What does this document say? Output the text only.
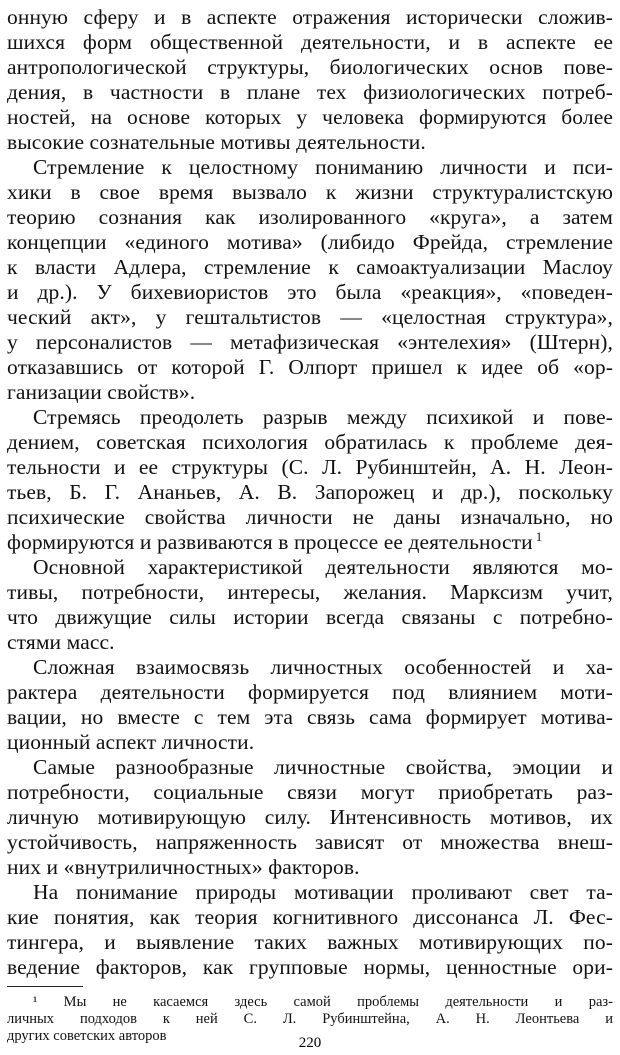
онную сферу и в аспекте отражения исторически сложив-
шихся форм общественной деятельности, и в аспекте ее
антропологической структуры, биологических основ пове-
дения, в частности в плане тех физиологических потреб-
ностей, на основе которых у человека формируются более
высокие сознательные мотивы деятельности.
Стремление к целостному пониманию личности и пси-
хики в свое время вызвало к жизни структуралистскую
теорию сознания как изолированного «круга», а затем
концепции «единого мотива» (либидо Фрейда, стремление
к власти Адлера, стремление к самоактуализации Маслоу
и др.). У бихевиористов это была «реакция», «поведен-
ческий акт», у гештальтистов — «целостная структура»,
у персоналистов — метафизическая «энтелехия» (Штерн),
отказавшись от которой Г. Олпорт пришел к идее об «ор-
ганизации свойств».
Стремясь преодолеть разрыв между психикой и пове-
дением, советская психология обратилась к проблеме дея-
тельности и ее структуры (С. Л. Рубинштейн, А. Н. Леон-
тьев, Б. Г. Ананьев, А. В. Запорожец и др.), поскольку
психические свойства личности не даны изначально, но
формируются и развиваются в процессе ее деятельности $^1$
Основной характеристикой деятельности являются мо-
тивы, потребности, интересы, желания. Марксизм учит,
что движущие силы истории всегда связаны с потребно-
стями масс.
Сложная взаимосвязь личностных особенностей и ха-
рактера деятельности формируется под влиянием моти-
вации, но вместе с тем эта связь сама формирует мотива-
ционный аспект личности.
Самые разнообразные личностные свойства, эмоции и
потребности, социальные связи могут приобретать раз-
личную мотивирующую силу. Интенсивность мотивов, их
устойчивость, напряженность зависят от множества внеш-
них и «внутриличностных» факторов.
На понимание природы мотивации проливают свет та-
кие понятия, как теория когнитивного диссонанса Л. Фес-
тингера, и выявление таких важных мотивирующих по-
ведение факторов, как групповые нормы, ценностные ори-
¹ Мы не касаемся здесь самой проблемы деятельности и раз-
личных подходов к ней С. Л. Рубинштейна, А. Н. Леонтьева и
других советских авторов	220
